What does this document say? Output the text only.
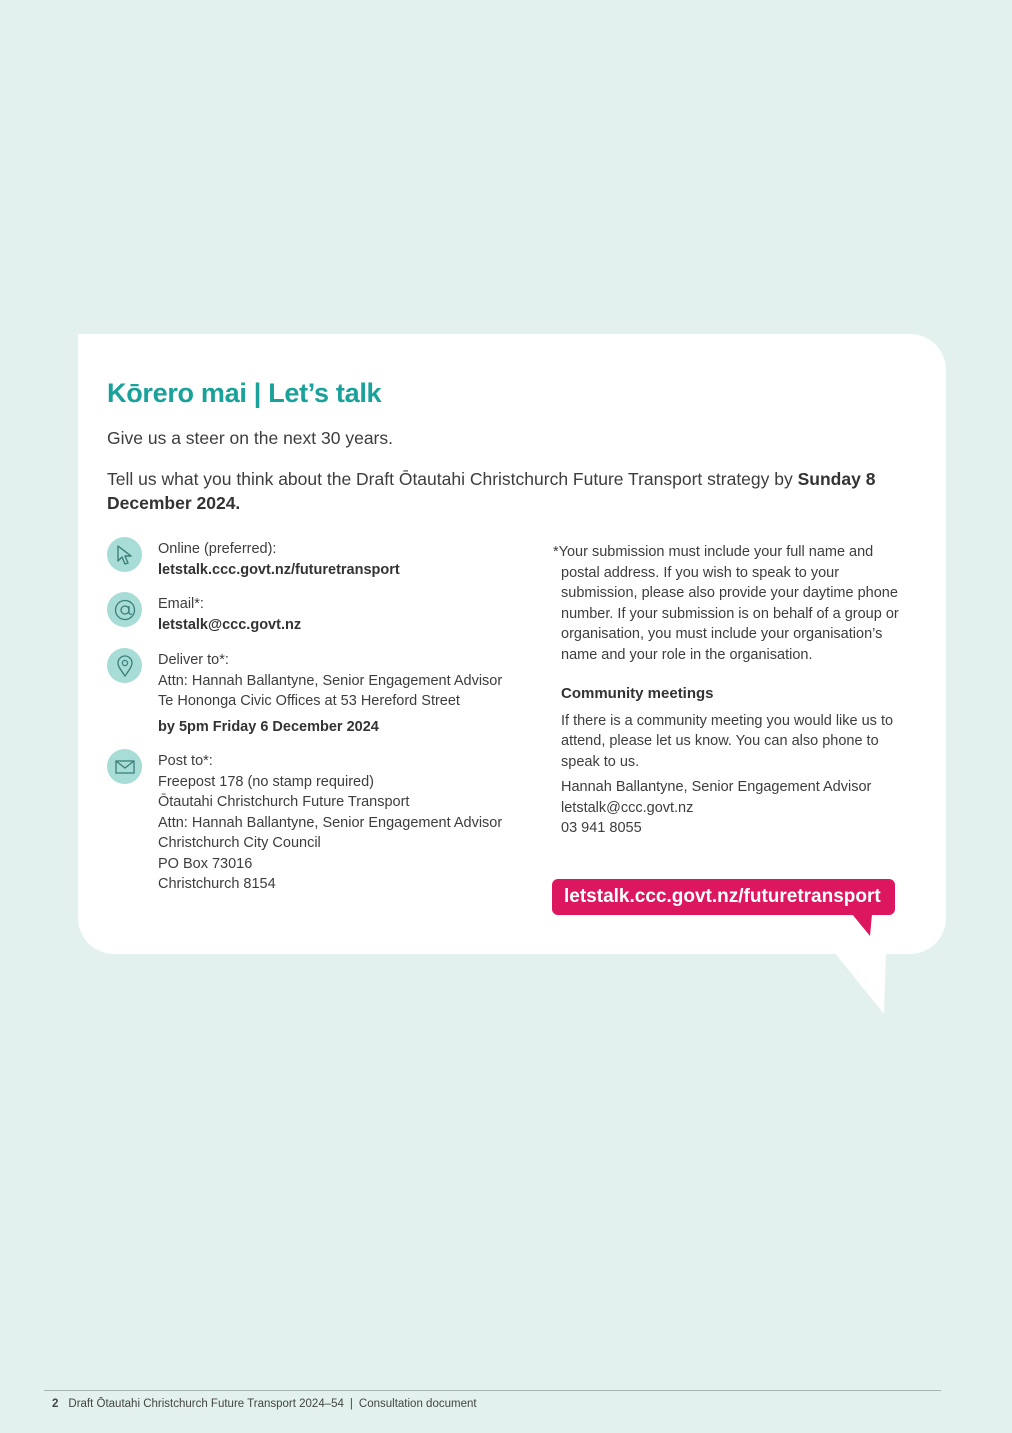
Kōrero mai | Let’s talk

Give us a steer on the next 30 years.

Tell us what you think about the Draft Ōtautahi Christchurch Future Transport strategy by Sunday 8 December 2024.

Online (preferred):
letstalk.ccc.govt.nz/futuretransport
Email*:
letstalk@ccc.govt.nz
Deliver to*:
Attn: Hannah Ballantyne, Senior Engagement Advisor
Te Hononga Civic Offices at 53 Hereford Street
by 5pm Friday 6 December 2024
Post to*:
Freepost 178 (no stamp required)
Ōtautahi Christchurch Future Transport
Attn: Hannah Ballantyne, Senior Engagement Advisor
Christchurch City Council
PO Box 73016
Christchurch 8154

*Your submission must include your full name and postal address. If you wish to speak to your submission, please also provide your daytime phone number. If your submission is on behalf of a group or organisation, you must include your organisation’s name and your role in the organisation.

Community meetings

If there is a community meeting you would like us to attend, please let us know. You can also phone to speak to us.

Hannah Ballantyne, Senior Engagement Advisor
letstalk@ccc.govt.nz
03 941 8055
letstalk.ccc.govt.nz/futuretransport
2 Draft Ōtautahi Christchurch Future Transport 2024–54 | Consultation document
